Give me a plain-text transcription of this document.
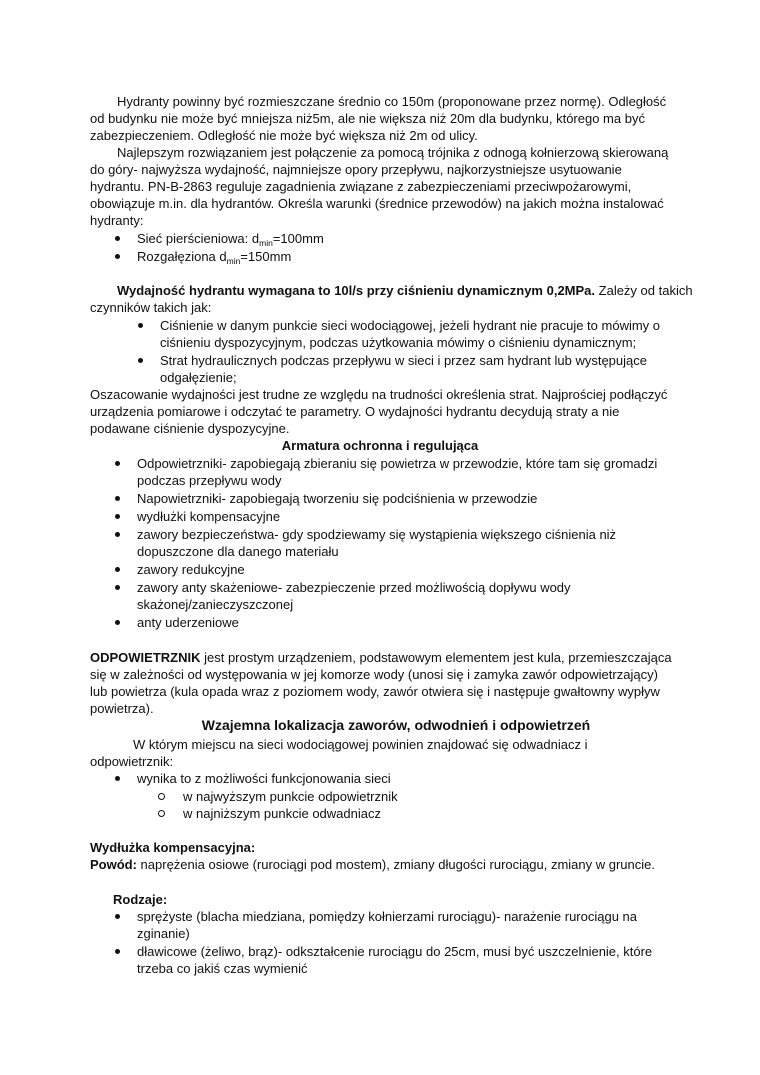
Hydranty powinny być rozmieszczane średnio co 150m (proponowane przez normę). Odległość
od budynku nie może być mniejsza niż5m, ale nie większa niż 20m dla budynku, którego ma być
zabezpieczeniem. Odległość nie może być większa niż 2m od ulicy.
Najlepszym rozwiązaniem jest połączenie za pomocą trójnika z odnogą kołnierzową skierowaną
do góry- najwyższa wydajność, najmniejsze opory przepływu, najkorzystniejsze usytuowanie
hydrantu. PN-B-2863 reguluje zagadnienia związane z zabezpieczeniami przeciwpożarowymi,
obowiązuje m.in. dla hydrantów. Określa warunki (średnice przewodów) na jakich można instalować
hydranty:
Sieć pierścieniowa: $d_{min}=100mm$
Rozgałęziona $d_{min}=150mm$
Wydajność hydrantu wymagana to 10l/s przy ciśnieniu dynamicznym 0,2MPa. Zależy od takich
czynników takich jak:
Ciśnienie w danym punkcie sieci wodociągowej, jeżeli hydrant nie pracuje to mówimy o
ciśnieniu dyspozycyjnym, podczas użytkowania mówimy o ciśnieniu dynamicznym;
Strat hydraulicznych podczas przepływu w sieci i przez sam hydrant lub występujące
odgałęzienie;
Oszacowanie wydajności jest trudne ze względu na trudności określenia strat. Najprościej podłączyć
urządzenia pomiarowe i odczytać te parametry. O wydajności hydrantu decydują straty a nie
podawane ciśnienie dyspozycyjne.
Armatura ochronna i regulująca
Odpowietrzniki- zapobiegają zbieraniu się powietrza w przewodzie, które tam się gromadzi
podczas przepływu wody
Napowietrzniki- zapobiegają tworzeniu się podciśnienia w przewodzie
wydłużki kompensacyjne
zawory bezpieczeństwa- gdy spodziewamy się wystąpienia większego ciśnienia niż
dopuszczone dla danego materiału
zawory redukcyjne
zawory anty skażeniowe- zabezpieczenie przed możliwością dopływu wody
skażonej/zanieczyszczonej
anty uderzeniowe
ODPOWIETRZNIK jest prostym urządzeniem, podstawowym elementem jest kula, przemieszczająca
się w zależności od występowania w jej komorze wody (unosi się i zamyka zawór odpowietrzający)
lub powietrza (kula opada wraz z poziomem wody, zawór otwiera się i następuje gwałtowny wypływ
powietrza).
Wzajemna lokalizacja zaworów, odwodnień i odpowietrzeń
W którym miejscu na sieci wodociągowej powinien znajdować się odwadniacz i
odpowietrznik:
wynika to z możliwości funkcjonowania sieci
w najwyższym punkcie odpowietrznik
w najniższym punkcie odwadniacz
Wydłużka kompensacyjna:
Powód: naprężenia osiowe (rurociągi pod mostem), zmiany długości rurociągu, zmiany w gruncie.
Rodzaje:
sprężyste (blacha miedziana, pomiędzy kołnierzami rurociągu)- narażenie rurociągu na
zginanie)
dławicowe (żeliwo, brąz)- odkształcenie rurociągu do 25cm, musi być uszczelnienie, które
trzeba co jakiś czas wymienić
